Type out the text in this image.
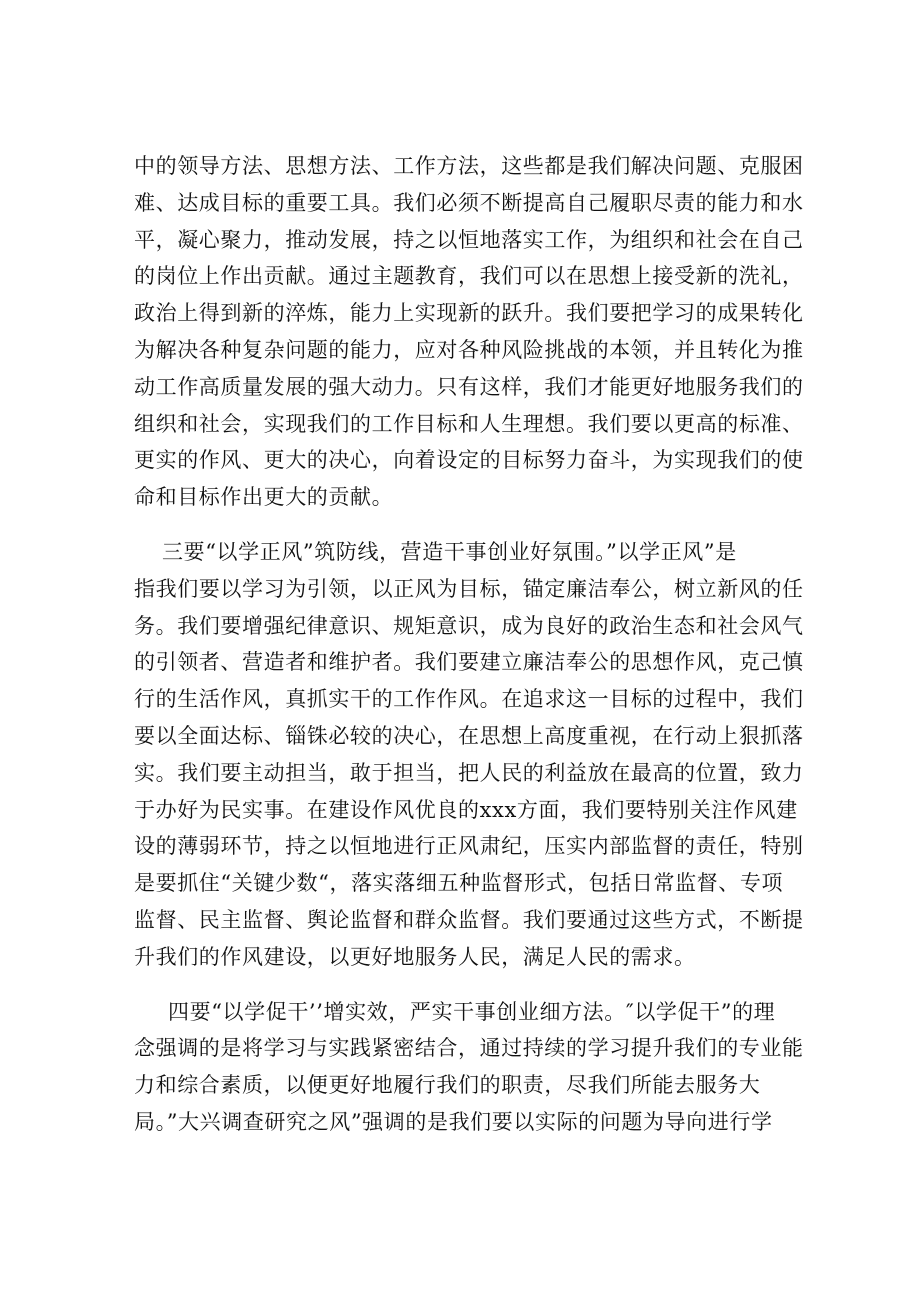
中的领导方法、思想方法、工作方法，这些都是我们解决问题、克服困
难、达成目标的重要工具。我们必须不断提高自己履职尽责的能力和水
平，凝心聚力，推动发展，持之以恒地落实工作，为组织和社会在自己
的岗位上作出贡献。通过主题教育，我们可以在思想上接受新的洗礼，
政治上得到新的淬炼，能力上实现新的跃升。我们要把学习的成果转化
为解决各种复杂问题的能力，应对各种风险挑战的本领，并且转化为推
动工作高质量发展的强大动力。只有这样，我们才能更好地服务我们的
组织和社会，实现我们的工作目标和人生理想。我们要以更高的标准、
更实的作风、更大的决心，向着设定的目标努力奋斗，为实现我们的使
命和目标作出更大的贡献。
三要“以学正风”筑防线，营造干事创业好氛围。”以学正风”是
指我们要以学习为引领，以正风为目标，锚定廉洁奉公，树立新风的任
务。我们要增强纪律意识、规矩意识，成为良好的政治生态和社会风气
的引领者、营造者和维护者。我们要建立廉洁奉公的思想作风，克己慎
行的生活作风，真抓实干的工作作风。在追求这一目标的过程中，我们
要以全面达标、锱铢必较的决心，在思想上高度重视，在行动上狠抓落
实。我们要主动担当，敢于担当，把人民的利益放在最高的位置，致力
于办好为民实事。在建设作风优良的xxx方面，我们要特别关注作风建
设的薄弱环节，持之以恒地进行正风肃纪，压实内部监督的责任，特别
是要抓住“关键少数“，落实落细五种监督形式，包括日常监督、专项
监督、民主监督、舆论监督和群众监督。我们要通过这些方式，不断提
升我们的作风建设，以更好地服务人民，满足人民的需求。
四要“以学促干’’增实效，严实干事创业细方法。″以学促干”的理
念强调的是将学习与实践紧密结合，通过持续的学习提升我们的专业能
力和综合素质，以便更好地履行我们的职责，尽我们所能去服务大
局。”大兴调查研究之风”强调的是我们要以实际的问题为导向进行学
